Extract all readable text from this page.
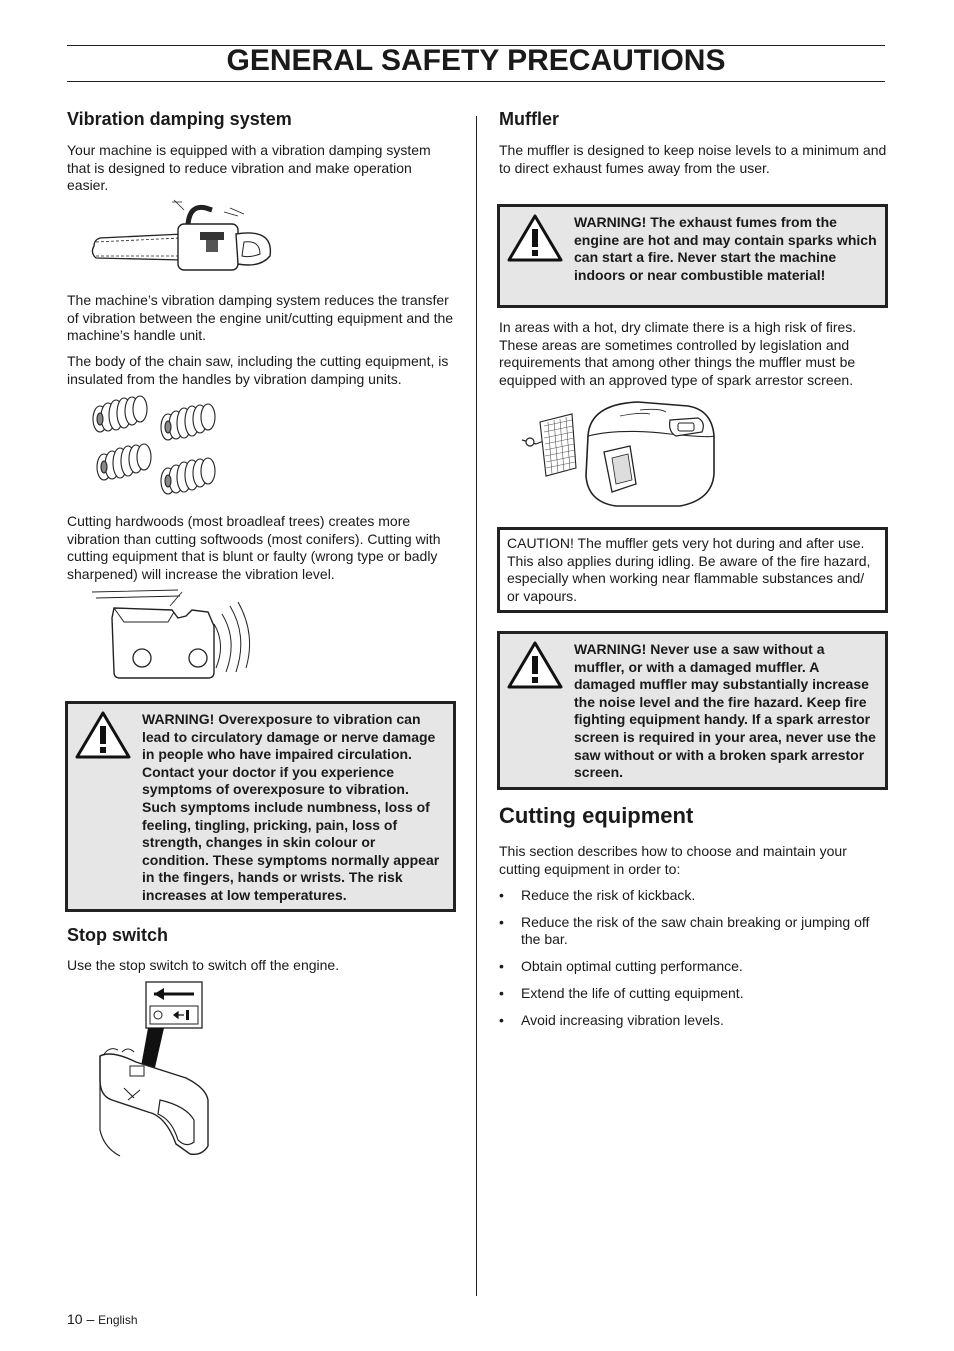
GENERAL SAFETY PRECAUTIONS
Vibration damping system

Your machine is equipped with a vibration damping system that is designed to reduce vibration and make operation easier.

The machine’s vibration damping system reduces the transfer of vibration between the engine unit/cutting equipment and the machine’s handle unit.

The body of the chain saw, including the cutting equipment, is insulated from the handles by vibration damping units.

Cutting hardwoods (most broadleaf trees) creates more vibration than cutting softwoods (most conifers). Cutting with cutting equipment that is blunt or faulty (wrong type or badly sharpened) will increase the vibration level.

WARNING! Overexposure to vibration can lead to circulatory damage or nerve damage in people who have impaired circulation. Contact your doctor if you experience symptoms of overexposure to vibration. Such symptoms include numbness, loss of feeling, tingling, pricking, pain, loss of strength, changes in skin colour or condition. These symptoms normally appear in the fingers, hands or wrists. The risk increases at low temperatures.
Stop switch

Use the stop switch to switch off the engine.

Muffler

The muffler is designed to keep noise levels to a minimum and to direct exhaust fumes away from the user.

WARNING! The exhaust fumes from the engine are hot and may contain sparks which can start a fire. Never start the machine indoors or near combustible material!

In areas with a hot, dry climate there is a high risk of fires. These areas are sometimes controlled by legislation and requirements that among other things the muffler must be equipped with an approved type of spark arrestor screen.

CAUTION! The muffler gets very hot during and after use. This also applies during idling. Be aware of the fire hazard, especially when working near flammable substances and/ or vapours.
WARNING! Never use a saw without a muffler, or with a damaged muffler. A damaged muffler may substantially increase the noise level and the fire hazard. Keep fire fighting equipment handy. If a spark arrestor screen is required in your area, never use the saw without or with a broken spark arrestor screen.
Cutting equipment

This section describes how to choose and maintain your cutting equipment in order to:

• Reduce the risk of kickback.
• Reduce the risk of the saw chain breaking or jumping off the bar.
• Obtain optimal cutting performance.
• Extend the life of cutting equipment.
• Avoid increasing vibration levels.
10 – English
